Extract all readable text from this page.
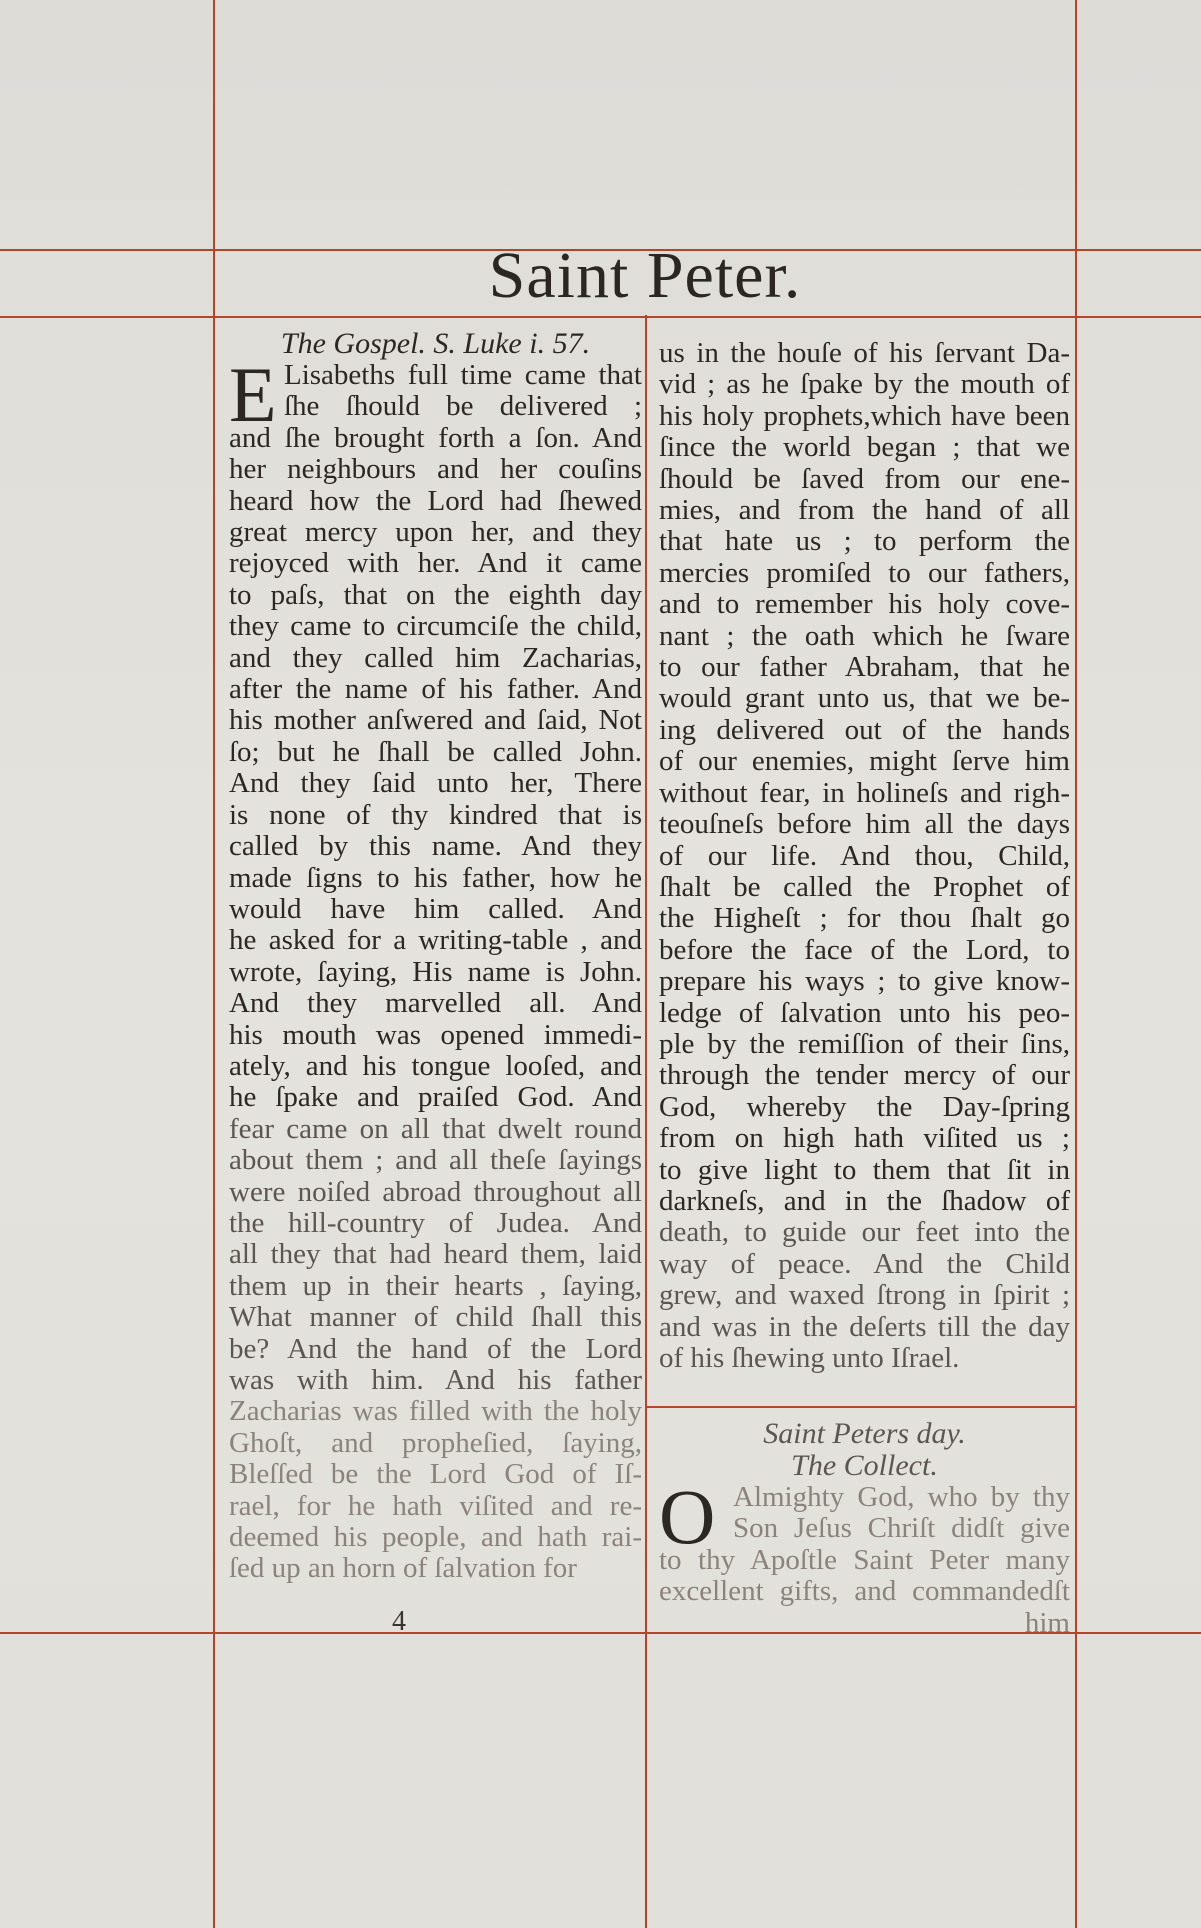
Saint Peter.
The Gospel. S. Luke i. 57.
E Lisabeths full time came that
ſhe ſhould be delivered ;
and ſhe brought forth a ſon. And
her neighbours and her couſins
heard how the Lord had ſhewed
great mercy upon her, and they
rejoyced with her. And it came
to paſs, that on the eighth day
they came to circumciſe the child,
and they called him Zacharias,
after the name of his father. And
his mother anſwered and ſaid, Not
ſo; but he ſhall be called John.
And they ſaid unto her, There
is none of thy kindred that is
called by this name. And they
made ſigns to his father, how he
would have him called. And
he asked for a writing-table , and
wrote, ſaying, His name is John.
And they marvelled all. And
his mouth was opened immedi-
ately, and his tongue looſed, and
he ſpake and praiſed God. And
fear came on all that dwelt round
about them ; and all theſe ſayings
were noiſed abroad throughout all
the hill-country of Judea. And
all they that had heard them, laid
them up in their hearts , ſaying,
What manner of child ſhall this
be? And the hand of the Lord
was with him. And his father
Zacharias was filled with the holy
Ghoſt, and propheſied, ſaying,
Bleſſed be the Lord God of Iſ-
rael, for he hath viſited and re-
deemed his people, and hath rai-
ſed up an horn of ſalvation for
us in the houſe of his ſervant Da-
vid ; as he ſpake by the mouth of
his holy prophets,which have been
ſince the world began ; that we
ſhould be ſaved from our ene-
mies, and from the hand of all
that hate us ; to perform the
mercies promiſed to our fathers,
and to remember his holy cove-
nant ; the oath which he ſware
to our father Abraham, that he
would grant unto us, that we be-
ing delivered out of the hands
of our enemies, might ſerve him
without fear, in holineſs and righ-
teouſneſs before him all the days
of our life. And thou, Child,
ſhalt be called the Prophet of
the Higheſt ; for thou ſhalt go
before the face of the Lord, to
prepare his ways ; to give know-
ledge of ſalvation unto his peo-
ple by the remiſſion of their ſins,
through the tender mercy of our
God, whereby the Day-ſpring
from on high hath viſited us ;
to give light to them that ſit in
darkneſs, and in the ſhadow of
death, to guide our feet into the
way of peace. And the Child
grew, and waxed ſtrong in ſpirit ;
and was in the deſerts till the day
of his ſhewing unto Iſrael.
Saint Peters day.
The Collect.
O Almighty God, who by thy
Son Jeſus Chriſt didſt give
to thy Apoſtle Saint Peter many
excellent gifts, and commandedſt
him
4
